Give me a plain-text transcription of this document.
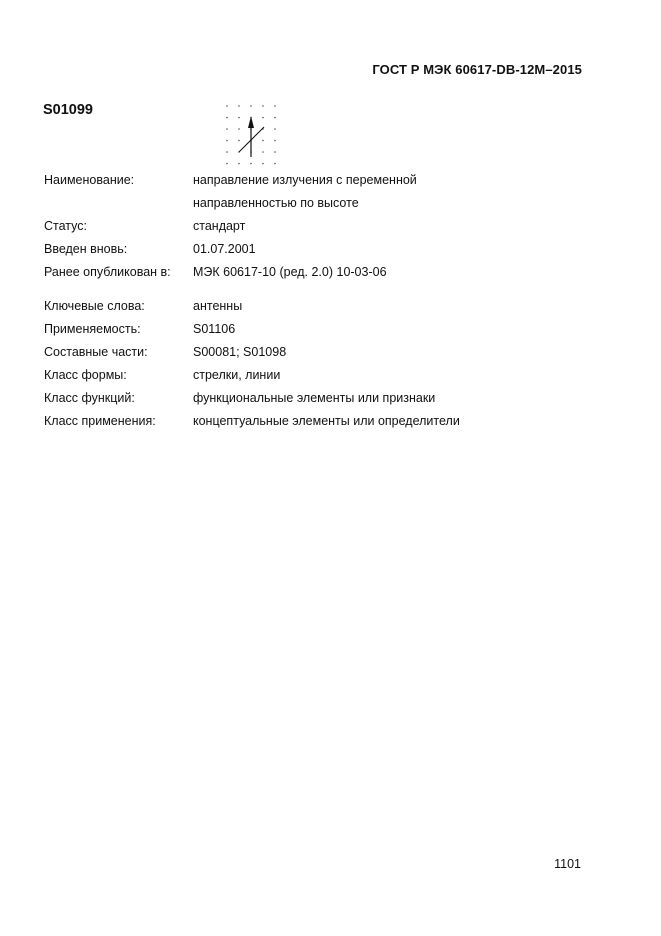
ГОСТ Р МЭК 60617-DB-12M–2015
S01099
Наименование:	направление излучения с переменной
направленностью по высоте
Статус:	стандарт
Введен вновь:	01.07.2001
Ранее опубликован в: МЭК 60617-10 (ред. 2.0) 10-03-06
Ключевые слова:	антенны
Применяемость:	S01106
Составные части:	S00081; S01098
Класс формы:	стрелки, линии
Класс функций:	функциональные элементы или признаки
Класс применения:	концептуальные элементы или определители
1101
